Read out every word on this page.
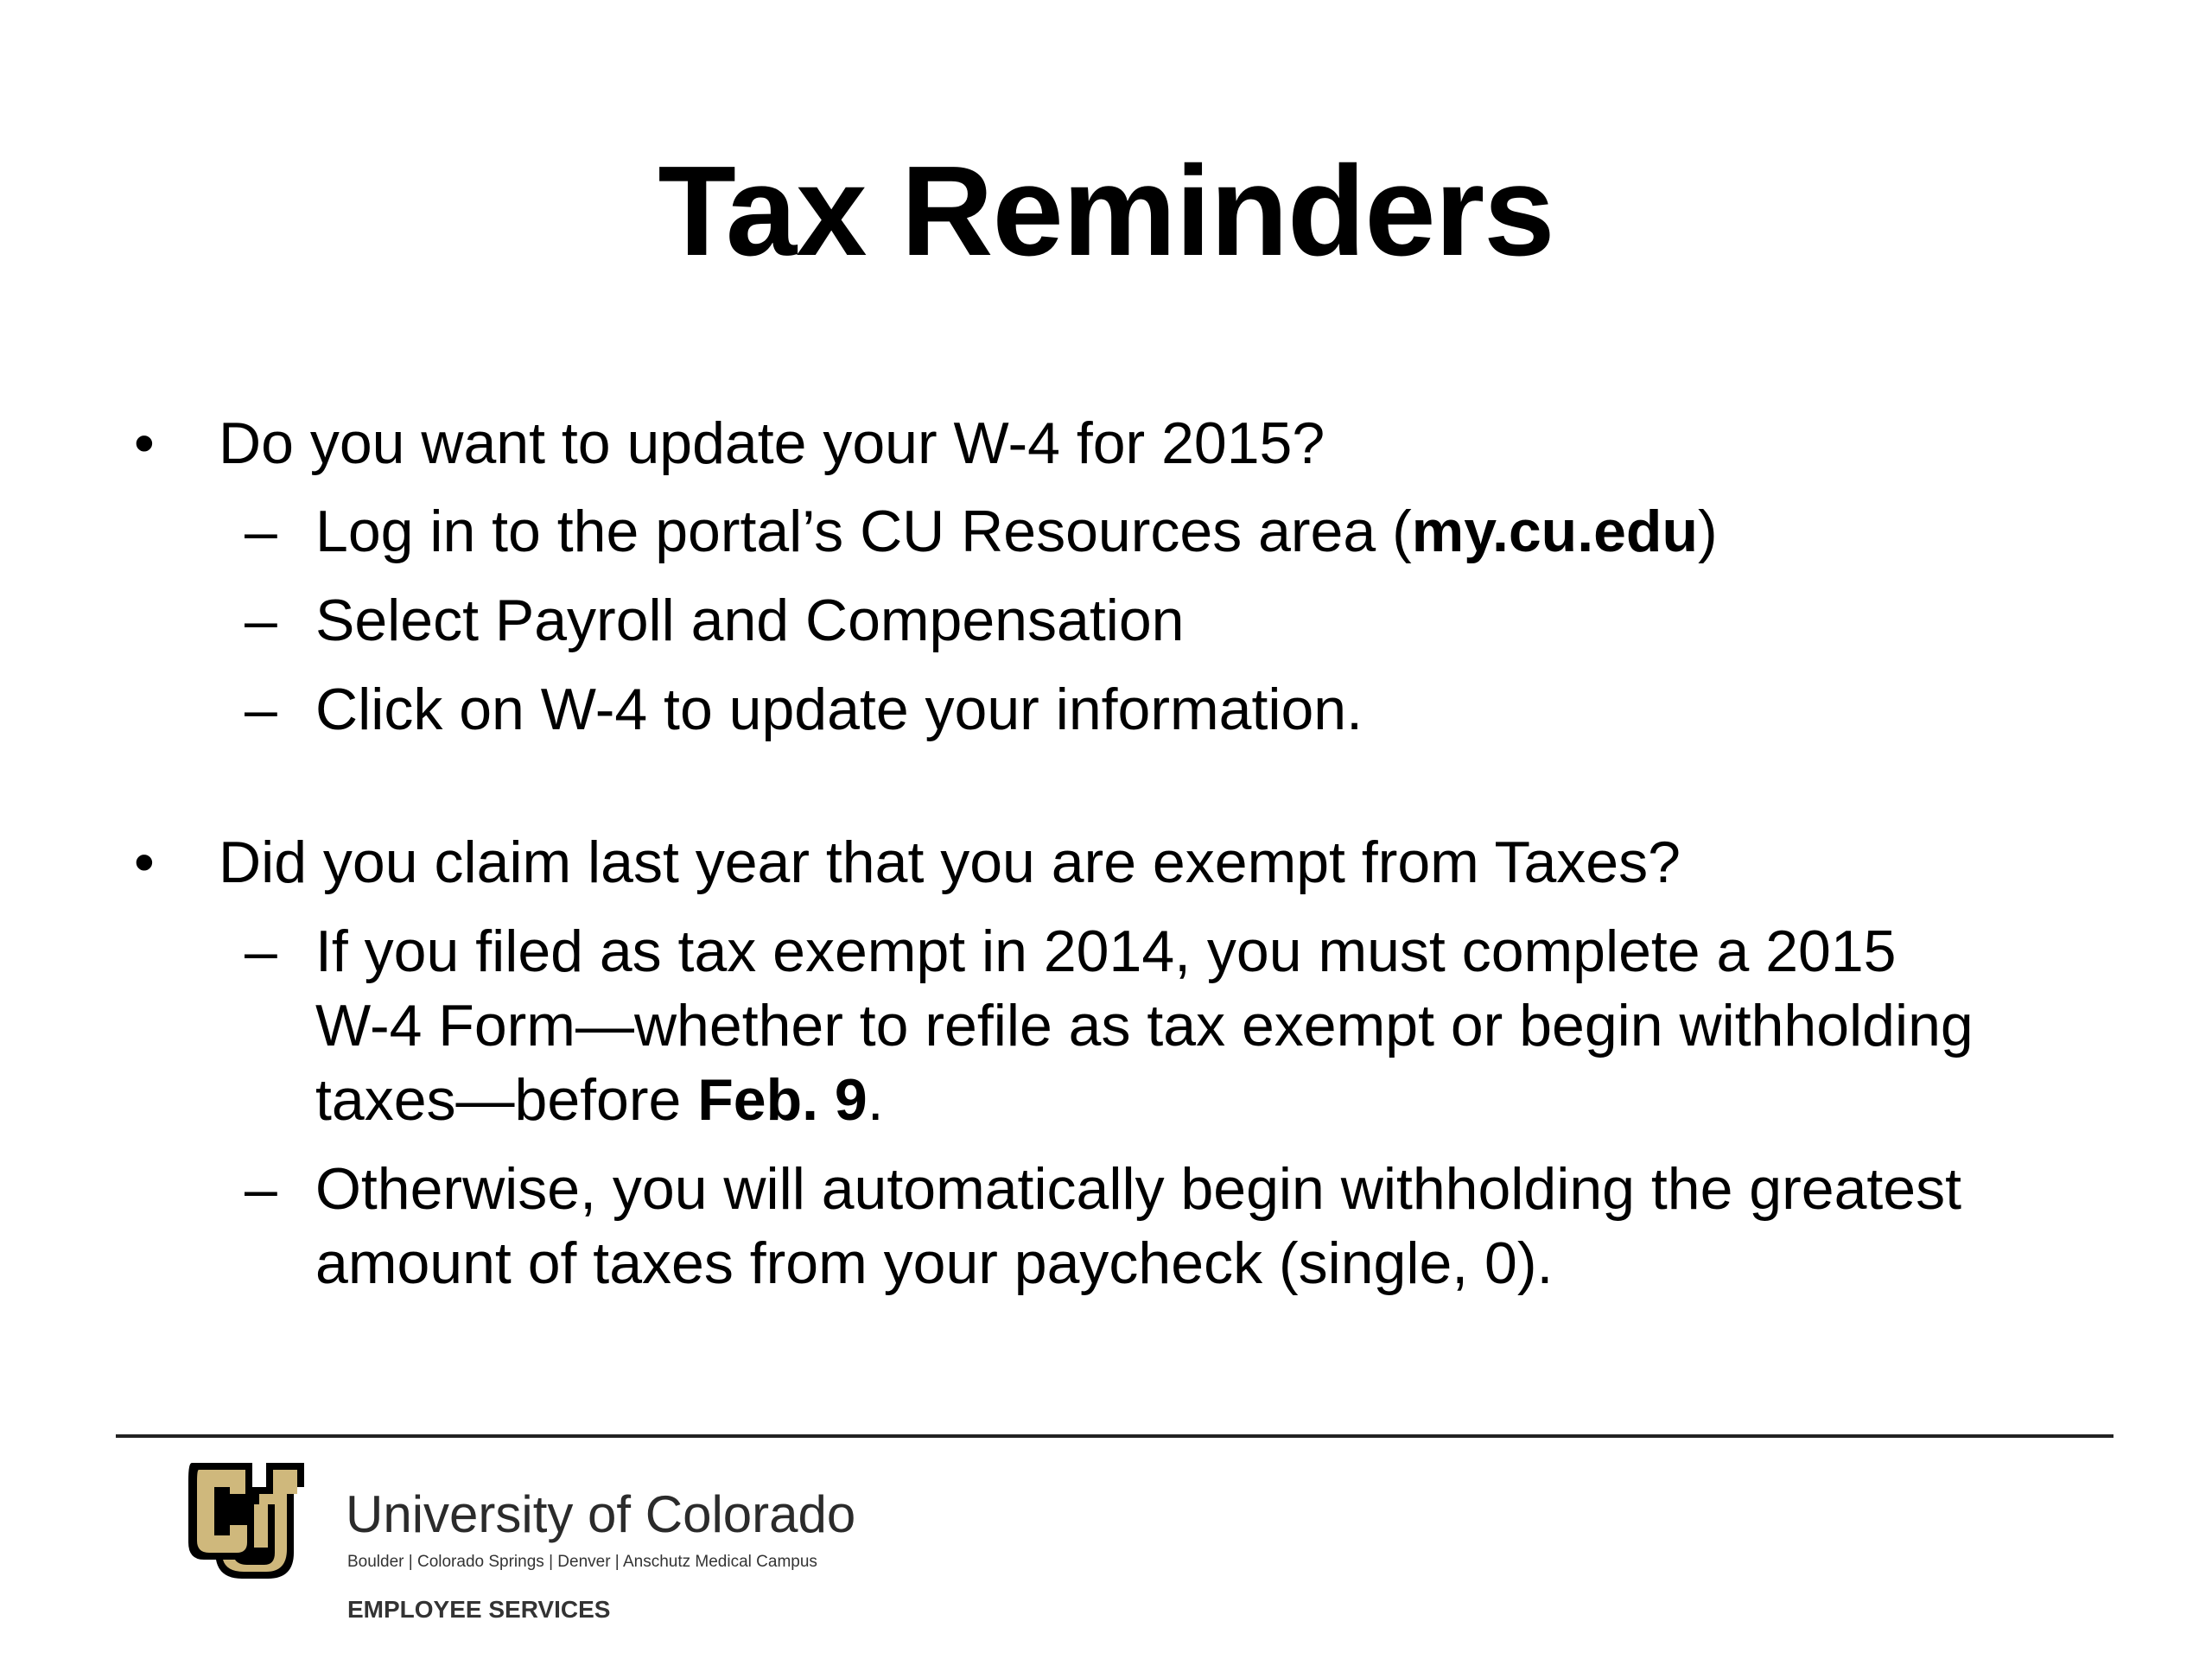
Tax Reminders
• Do you want to update your W-4 for 2015?
– Log in to the portal’s CU Resources area (my.cu.edu)
– Select Payroll and Compensation
– Click on W-4 to update your information.
• Did you claim last year that you are exempt from Taxes?
– If you filed as tax exempt in 2014, you must complete a 2015
W-4 Form—whether to refile as tax exempt or begin withholding
taxes—before Feb. 9.
– Otherwise, you will automatically begin withholding the greatest
amount of taxes from your paycheck (single, 0).
University of Colorado
Boulder | Colorado Springs | Denver | Anschutz Medical Campus
EMPLOYEE SERVICES
